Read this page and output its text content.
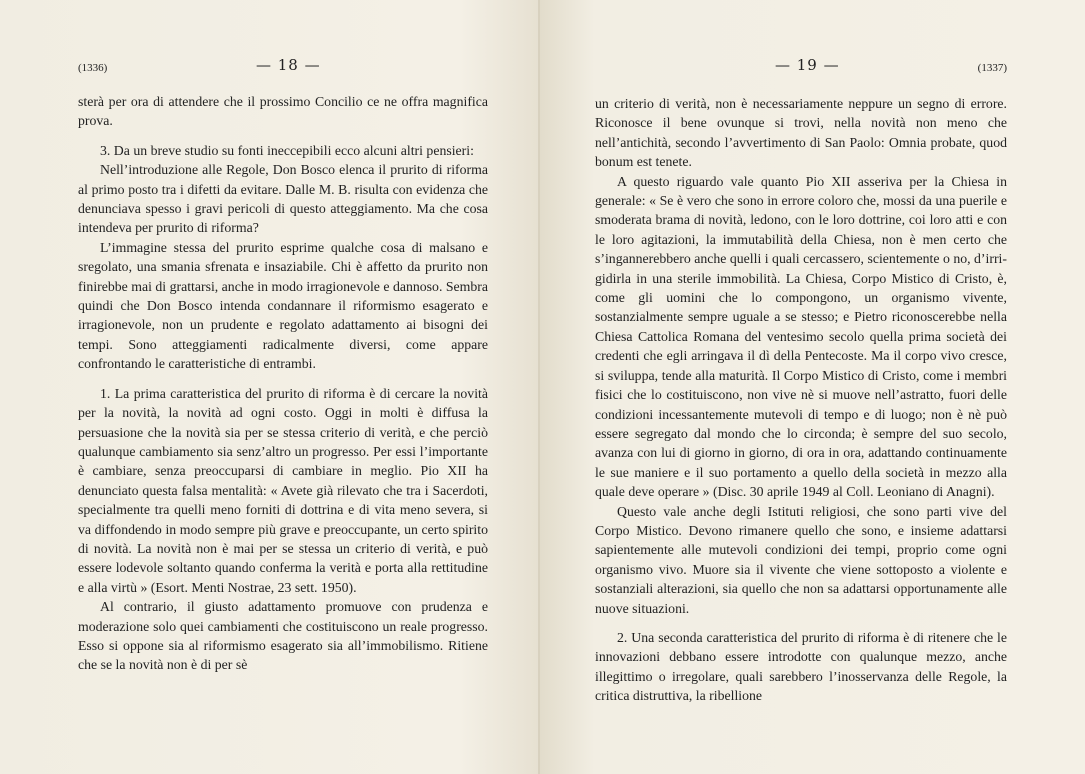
(1336)	— 18 —

sterà per ora di attendere che il prossimo Concilio ce ne offra magnifica prova.

3. Da un breve studio su fonti ineccepibili ecco alcuni altri pensieri:

Nell’introduzione alle Regole, Don Bosco elenca il prurito di riforma al primo posto tra i difetti da evitare. Dalle M. B. risulta con evidenza che denunciava spesso i gravi pericoli di questo atteggiamento. Ma che cosa intendeva per prurito di riforma?

L’immagine stessa del prurito esprime qualche cosa di malsano e sregolato, una smania sfrenata e insaziabile. Chi è affetto da prurito non finirebbe mai di grattarsi, anche in modo irragionevole e dannoso. Sembra quindi che Don Bosco intenda condannare il riformismo esagerato e irragionevole, non un prudente e regolato adattamento ai bisogni dei tempi. Sono atteggiamenti radicalmente diversi, come appare confrontando le caratteristiche di entrambi.

1. La prima caratteristica del prurito di riforma è di cercare la novità per la novità, la novità ad ogni costo. Oggi in molti è diffusa la persuasione che la novità sia per se stessa criterio di verità, e che perciò qualunque cambiamento sia senz’altro un progresso. Per essi l’importante è cambiare, senza preoccuparsi di cambiare in meglio. Pio XII ha denunciato questa falsa mentalità: « Avete già rilevato che tra i Sacerdoti, specialmente tra quelli meno forniti di dottrina e di vita meno severa, si va diffondendo in modo sempre più grave e preoccupante, un certo spirito di novità. La novità non è mai per se stessa un criterio di verità, e può essere lodevole soltanto quando conferma la verità e porta alla rettitudine e alla virtù » (Esort. Menti Nostrae, 23 sett. 1950).

Al contrario, il giusto adattamento promuove con prudenza e moderazione solo quei cambiamenti che costituiscono un reale progresso. Esso si oppone sia al riformismo esagerato sia all’immobilismo. Ritiene che se la novità non è di per sè

— 19 —	(1337)

un criterio di verità, non è necessariamente neppure un segno di errore. Riconosce il bene ovunque si trovi, nella novità non meno che nell’antichità, secondo l’avvertimento di San Paolo: Omnia probate, quod bonum est tenete.

A questo riguardo vale quanto Pio XII asseriva per la Chiesa in generale: « Se è vero che sono in errore coloro che, mossi da una puerile e smoderata brama di novità, ledono, con le loro dottrine, coi loro atti e con le loro agitazioni, la immutabilità della Chiesa, non è men certo che s’ingannerebbero anche quelli i quali cercassero, scientemente o no, d’irrigidirla in una sterile immobilità. La Chiesa, Corpo Mistico di Cristo, è, come gli uomini che lo compongono, un organismo vivente, sostanzialmente sempre uguale a se stesso; e Pietro riconoscerebbe nella Chiesa Cattolica Romana del ventesimo secolo quella prima società dei credenti che egli arringava il dì della Pentecoste. Ma il corpo vivo cresce, si sviluppa, tende alla maturità. Il Corpo Mistico di Cristo, come i membri fisici che lo costituiscono, non vive nè si muove nell’astratto, fuori delle condizioni incessantemente mutevoli di tempo e di luogo; non è nè può essere segregato dal mondo che lo circonda; è sempre del suo secolo, avanza con lui di giorno in giorno, di ora in ora, adattando continuamente le sue maniere e il suo portamento a quello della società in mezzo alla quale deve operare » (Disc. 30 aprile 1949 al Coll. Leoniano di Anagni).

Questo vale anche degli Istituti religiosi, che sono parti vive del Corpo Mistico. Devono rimanere quello che sono, e insieme adattarsi sapientemente alle mutevoli condizioni dei tempi, proprio come ogni organismo vivo. Muore sia il vivente che viene sottoposto a violente e sostanziali alterazioni, sia quello che non sa adattarsi opportunamente alle nuove situazioni.

2. Una seconda caratteristica del prurito di riforma è di ritenere che le innovazioni debbano essere introdotte con qualunque mezzo, anche illegittimo o irregolare, quali sarebbero l’inosservanza delle Regole, la critica distruttiva, la ribellione
